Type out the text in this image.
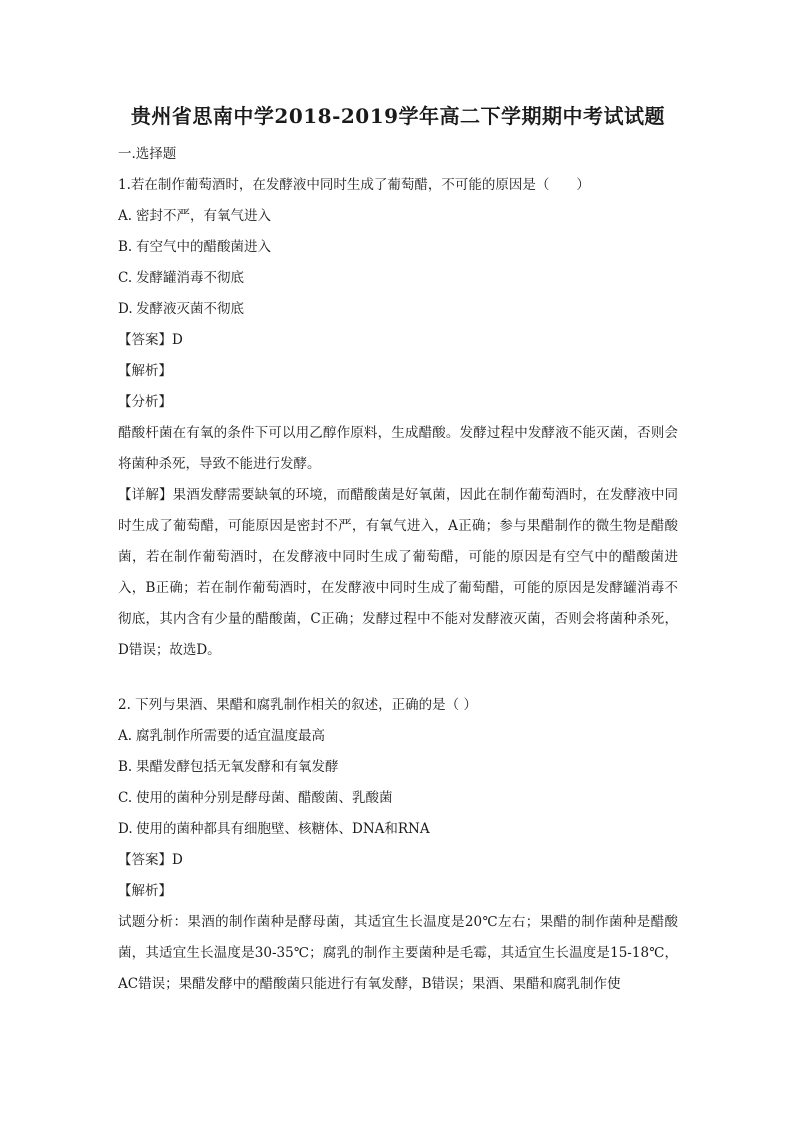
贵州省思南中学2018-2019学年高二下学期期中考试试题

一.选择题

1.若在制作葡萄酒时，在发酵液中同时生成了葡萄醋，不可能的原因是（　　）

A. 密封不严，有氧气进入

B. 有空气中的醋酸菌进入

C. 发酵罐消毒不彻底

D. 发酵液灭菌不彻底

【答案】D

【解析】

【分析】

醋酸杆菌在有氧的条件下可以用乙醇作原料，生成醋酸。发酵过程中发酵液不能灭菌，否则会将菌种杀死，导致不能进行发酵。

【详解】果酒发酵需要缺氧的环境，而醋酸菌是好氧菌，因此在制作葡萄酒时，在发酵液中同时生成了葡萄醋，可能原因是密封不严，有氧气进入，A正确；参与果醋制作的微生物是醋酸菌，若在制作葡萄酒时，在发酵液中同时生成了葡萄醋，可能的原因是有空气中的醋酸菌进入，B正确；若在制作葡萄酒时，在发酵液中同时生成了葡萄醋，可能的原因是发酵罐消毒不彻底，其内含有少量的醋酸菌，C正确；发酵过程中不能对发酵液灭菌，否则会将菌种杀死，D错误；故选D。

2. 下列与果酒、果醋和腐乳制作相关的叙述，正确的是（ ）

A. 腐乳制作所需要的适宜温度最高

B. 果醋发酵包括无氧发酵和有氧发酵

C. 使用的菌种分别是酵母菌、醋酸菌、乳酸菌

D. 使用的菌种都具有细胞壁、核糖体、DNA和RNA

【答案】D

【解析】

试题分析：果酒的制作菌种是酵母菌，其适宜生长温度是20℃左右；果醋的制作菌种是醋酸菌，其适宜生长温度是30-35℃；腐乳的制作主要菌种是毛霉，其适宜生长温度是15-18℃，AC错误；果醋发酵中的醋酸菌只能进行有氧发酵，B错误；果酒、果醋和腐乳制作使
